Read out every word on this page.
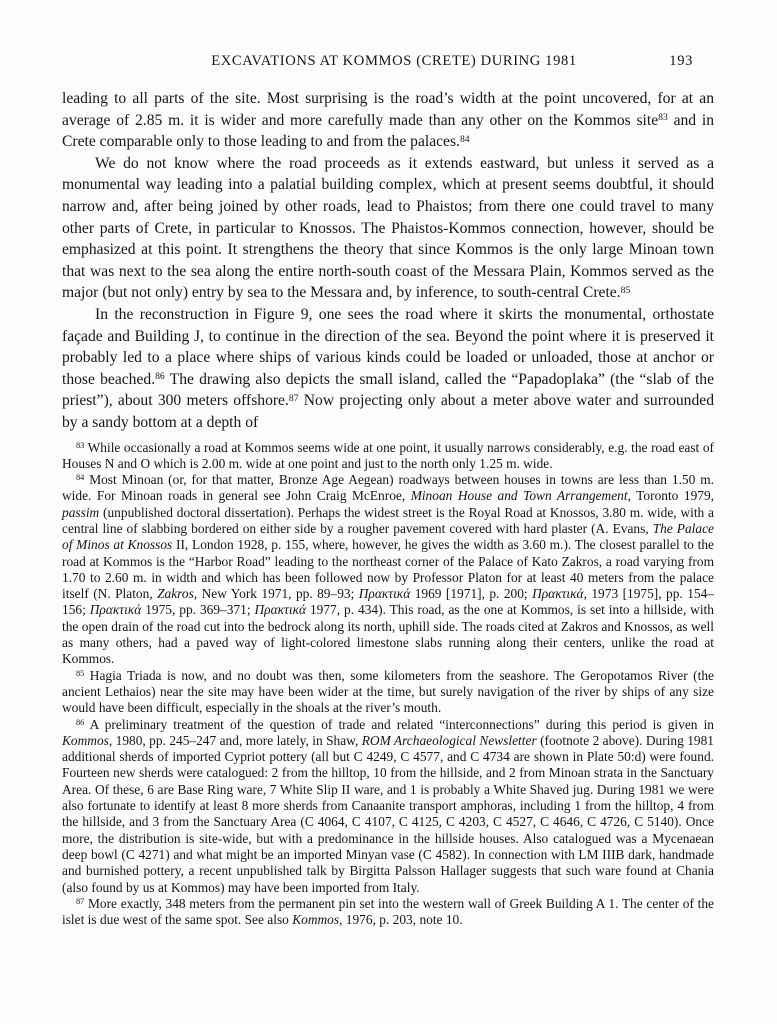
EXCAVATIONS AT KOMMOS (CRETE) DURING 1981	193

leading to all parts of the site. Most surprising is the road’s width at the point uncovered, for at an average of 2.85 m. it is wider and more carefully made than any other on the Kommos site$^{83}$ and in Crete comparable only to those leading to and from the palaces.$^{84}$

We do not know where the road proceeds as it extends eastward, but unless it served as a monumental way leading into a palatial building complex, which at present seems doubtful, it should narrow and, after being joined by other roads, lead to Phaistos; from there one could travel to many other parts of Crete, in particular to Knossos. The Phaistos-Kommos connection, however, should be emphasized at this point. It strengthens the theory that since Kommos is the only large Minoan town that was next to the sea along the entire north-south coast of the Messara Plain, Kommos served as the major (but not only) entry by sea to the Messara and, by inference, to south-central Crete.$^{85}$

In the reconstruction in Figure 9, one sees the road where it skirts the monumental, orthostate façade and Building J, to continue in the direction of the sea. Beyond the point where it is preserved it probably led to a place where ships of various kinds could be loaded or unloaded, those at anchor or those beached.$^{86}$ The drawing also depicts the small island, called the “Papadoplaka” (the “slab of the priest”), about 300 meters offshore.$^{87}$ Now projecting only about a meter above water and surrounded by a sandy bottom at a depth of

$^{83}$ While occasionally a road at Kommos seems wide at one point, it usually narrows considerably, e.g. the road east of Houses N and O which is 2.00 m. wide at one point and just to the north only 1.25 m. wide.

$^{84}$ Most Minoan (or, for that matter, Bronze Age Aegean) roadways between houses in towns are less than 1.50 m. wide. For Minoan roads in general see John Craig McEnroe, Minoan House and Town Arrangement, Toronto 1979, passim (unpublished doctoral dissertation). Perhaps the widest street is the Royal Road at Knossos, 3.80 m. wide, with a central line of slabbing bordered on either side by a rougher pavement covered with hard plaster (A. Evans, The Palace of Minos at Knossos II, London 1928, p. 155, where, however, he gives the width as 3.60 m.). The closest parallel to the road at Kommos is the “Harbor Road” leading to the northeast corner of the Palace of Kato Zakros, a road varying from 1.70 to 2.60 m. in width and which has been followed now by Professor Platon for at least 40 meters from the palace itself (N. Platon, Zakros, New York 1971, pp. 89–93; Πρακτικά 1969 [1971], p. 200; Πρακτικά, 1973 [1975], pp. 154–156; Πρακτικά 1975, pp. 369–371; Πρακτικά 1977, p. 434). This road, as the one at Kommos, is set into a hillside, with the open drain of the road cut into the bedrock along its north, uphill side. The roads cited at Zakros and Knossos, as well as many others, had a paved way of light-colored limestone slabs running along their centers, unlike the road at Kommos.

$^{85}$ Hagia Triada is now, and no doubt was then, some kilometers from the seashore. The Geropotamos River (the ancient Lethaios) near the site may have been wider at the time, but surely navigation of the river by ships of any size would have been difficult, especially in the shoals at the river’s mouth.

$^{86}$ A preliminary treatment of the question of trade and related “interconnections” during this period is given in Kommos, 1980, pp. 245–247 and, more lately, in Shaw, ROM Archaeological Newsletter (footnote 2 above). During 1981 additional sherds of imported Cypriot pottery (all but C 4249, C 4577, and C 4734 are shown in Plate 50:d) were found. Fourteen new sherds were catalogued: 2 from the hilltop, 10 from the hillside, and 2 from Minoan strata in the Sanctuary Area. Of these, 6 are Base Ring ware, 7 White Slip II ware, and 1 is probably a White Shaved jug. During 1981 we were also fortunate to identify at least 8 more sherds from Canaanite transport amphoras, including 1 from the hilltop, 4 from the hillside, and 3 from the Sanctuary Area (C 4064, C 4107, C 4125, C 4203, C 4527, C 4646, C 4726, C 5140). Once more, the distribution is site-wide, but with a predominance in the hillside houses. Also catalogued was a Mycenaean deep bowl (C 4271) and what might be an imported Minyan vase (C 4582). In connection with LM IIIB dark, handmade and burnished pottery, a recent unpublished talk by Birgitta Palsson Hallager suggests that such ware found at Chania (also found by us at Kommos) may have been imported from Italy.

$^{87}$ More exactly, 348 meters from the permanent pin set into the western wall of Greek Building A 1. The center of the islet is due west of the same spot. See also Kommos, 1976, p. 203, note 10.
